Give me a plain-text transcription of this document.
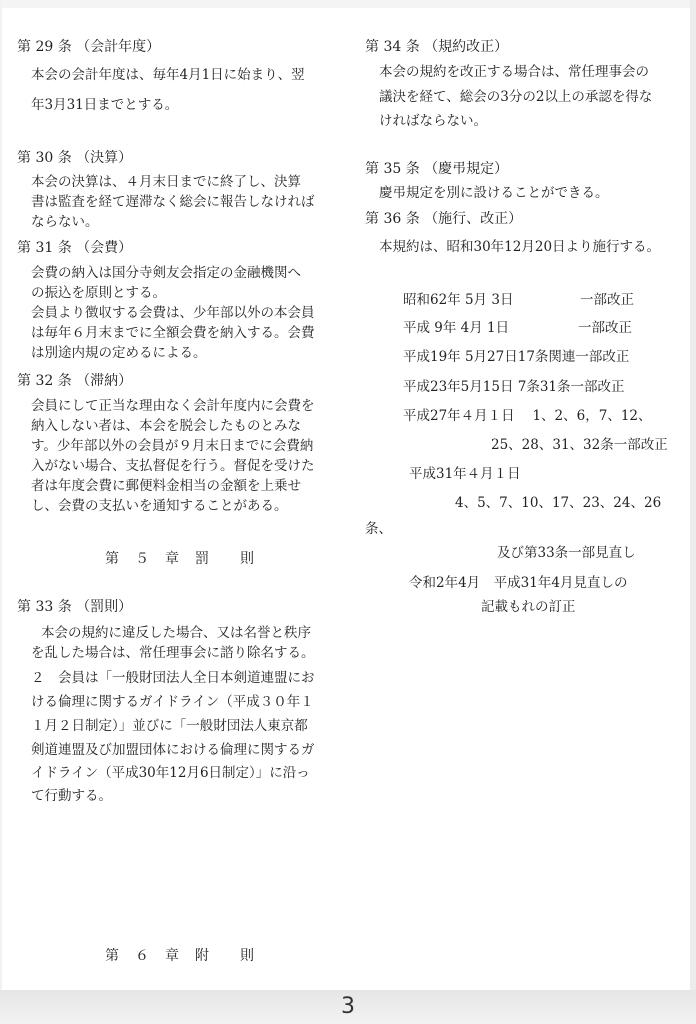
第 29 条 （会計年度）
本会の会計年度は、毎年4月1日に始まり、翌
年3月31日までとする。
第 30 条 （決算）
本会の決算は、４月末日までに終了し、決算
書は監査を経て遅滞なく総会に報告しなければ
ならない。
第 31 条 （会費）
会費の納入は国分寺剣友会指定の金融機関へ
の振込を原則とする。
会員より徴収する会費は、少年部以外の本会員
は毎年６月末までに全額会費を納入する。会費
は別途内規の定めるによる。
第 32 条 （滞納）
会員にして正当な理由なく会計年度内に会費を
納入しない者は、本会を脱会したものとみな
す。少年部以外の会員が９月末日までに会費納
入がない場合、支払督促を行う。督促を受けた
者は年度会費に郵便料金相当の金額を上乗せ
し、会費の支払いを通知することがある。
第　５　章　罰　　則
第 33 条 （罰則）
本会の規約に違反した場合、又は名誉と秩序
を乱した場合は、常任理事会に諮り除名する。
２　会員は「一般財団法人全日本剣道連盟にお
ける倫理に関するガイドライン（平成３０年１
１月２日制定）」並びに「一般財団法人東京都
剣道連盟及び加盟団体における倫理に関するガ
イドライン（平成30年12月6日制定）」に沿っ
て行動する。
第　６　章　附　　則
第 34 条 （規約改正）
本会の規約を改正する場合は、常任理事会の
議決を経て、総会の3分の2以上の承認を得な
ければならない。
第 35 条 （慶弔規定）
慶弔規定を別に設けることができる。
第 36 条 （施行、改正）
本規約は、昭和30年12月20日より施行する。
昭和62年 5月 3日	一部改正
平成 9年 4月 1日	一部改正
平成19年 5月27日17条関連一部改正
平成23年5月15日 7条31条一部改正
平成27年４月１日　 1、2、6，7、12、
25、28、31、32条一部改正
平成31年４月１日
4、5、7、10、17、23、24、26
条、
及び第33条一部見直し
令和2年4月　平成31年4月見直しの
記載もれの訂正
3
